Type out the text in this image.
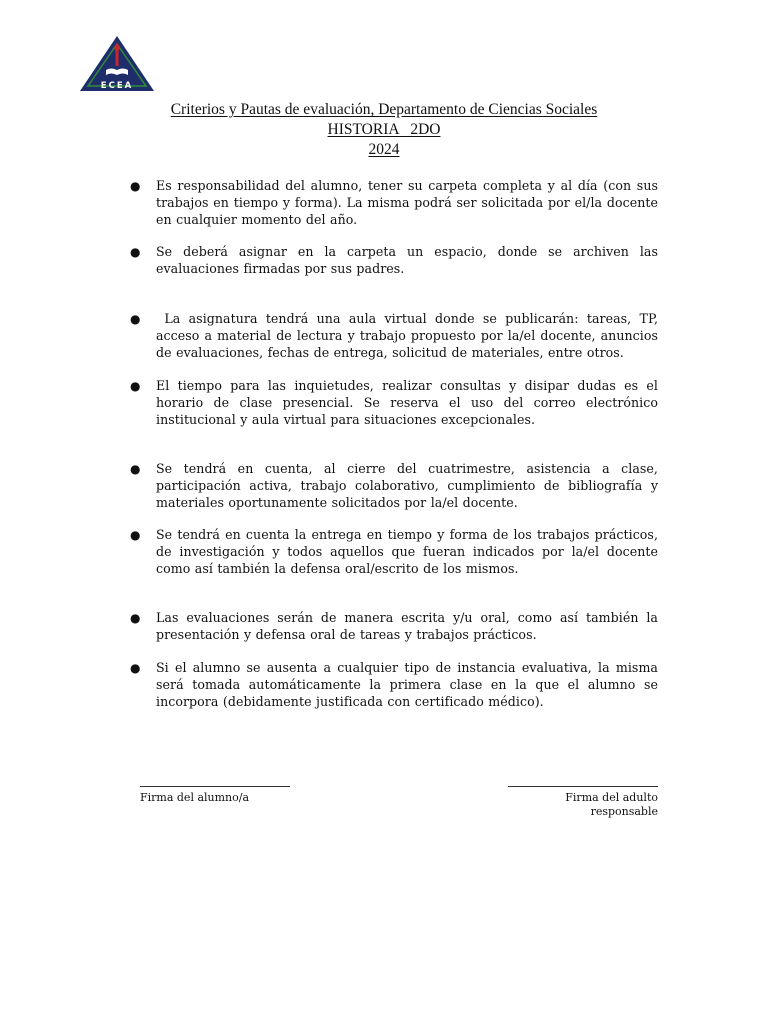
ECEA
Criterios y Pautas de evaluación, Departamento de Ciencias Sociales
HISTORIA   2DO
2024
● Es responsabilidad del alumno, tener su carpeta completa y al día (con sus trabajos en tiempo y forma). La misma podrá ser solicitada por el/la docente en cualquier momento del año.
● Se deberá asignar en la carpeta un espacio, donde se archiven las evaluaciones firmadas por sus padres.
● La asignatura tendrá una aula virtual donde se publicarán: tareas, TP, acceso a material de lectura y trabajo propuesto por la/el docente, anuncios de evaluaciones, fechas de entrega, solicitud de materiales, entre otros.
● El tiempo para las inquietudes, realizar consultas y disipar dudas es el horario de clase presencial. Se reserva el uso del correo electrónico institucional y aula virtual para situaciones excepcionales.
● Se tendrá en cuenta, al cierre del cuatrimestre, asistencia a clase, participación activa, trabajo colaborativo, cumplimiento de bibliografía y materiales oportunamente solicitados por la/el docente.
● Se tendrá en cuenta la entrega en tiempo y forma de los trabajos prácticos, de investigación y todos aquellos que fueran indicados por la/el docente como así también la defensa oral/escrito de los mismos.
● Las evaluaciones serán de manera escrita y/u oral, como así también la presentación y defensa oral de tareas y trabajos prácticos.
● Si el alumno se ausenta a cualquier tipo de instancia evaluativa, la misma será tomada automáticamente la primera clase en la que el alumno se incorpora (debidamente justificada con certificado médico).
Firma del alumno/a	Firma del adulto responsable
